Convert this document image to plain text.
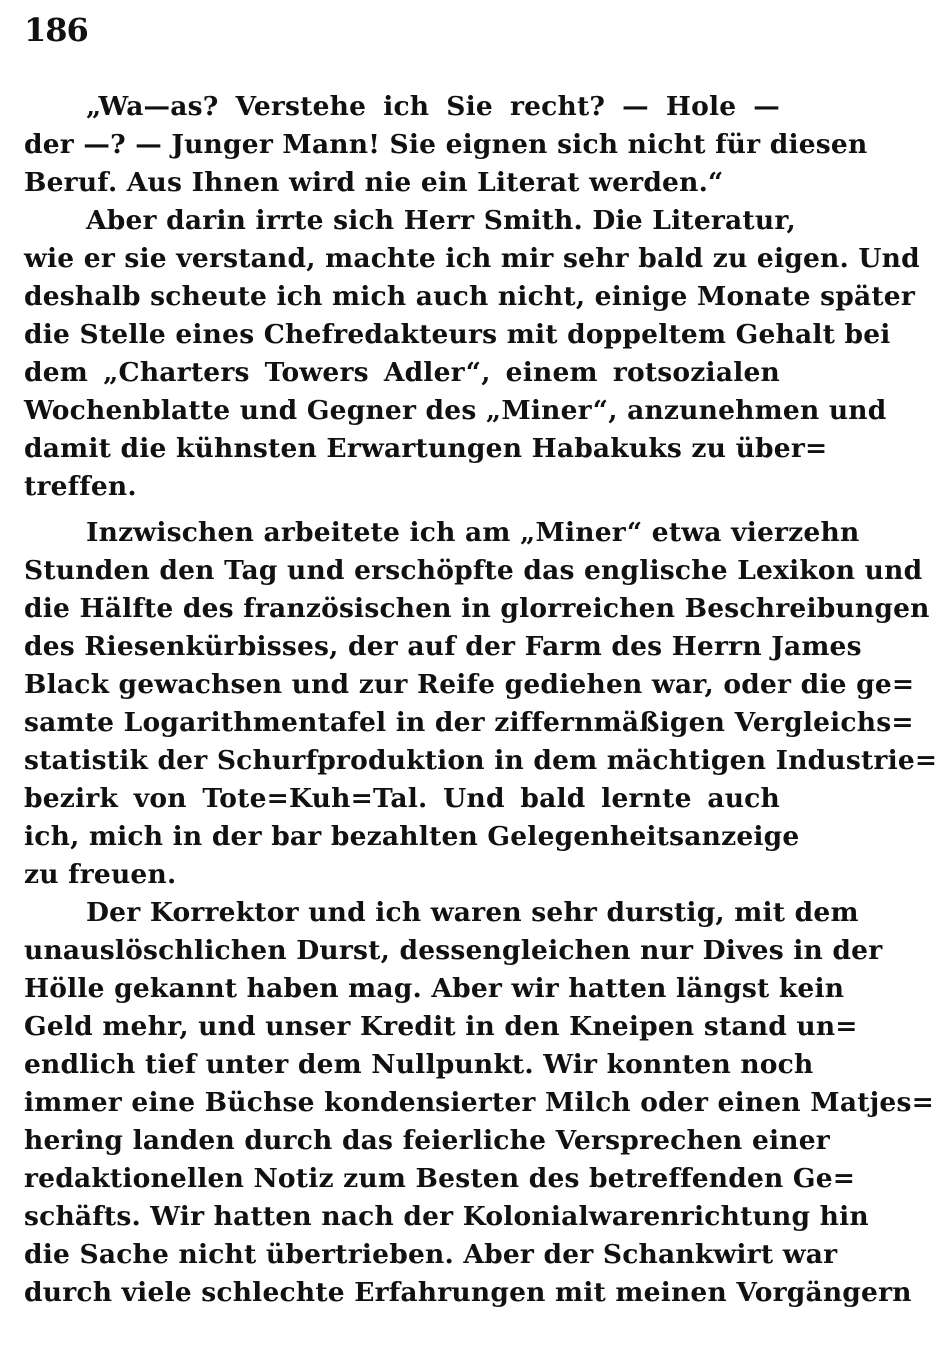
186
„Wa—as? Verstehe ich Sie recht? — Hole —
der —? — Junger Mann! Sie eignen sich nicht für diesen
Beruf. Aus Ihnen wird nie ein Literat werden.“
Aber darin irrte sich Herr Smith. Die Literatur,
wie er sie verstand, machte ich mir sehr bald zu eigen. Und
deshalb scheute ich mich auch nicht, einige Monate später
die Stelle eines Chefredakteurs mit doppeltem Gehalt bei
dem „Charters Towers Adler“, einem rotsozialen
Wochenblatte und Gegner des „Miner“, anzunehmen und
damit die kühnsten Erwartungen Habakuks zu über=
treffen.
Inzwischen arbeitete ich am „Miner“ etwa vierzehn
Stunden den Tag und erschöpfte das englische Lexikon und
die Hälfte des französischen in glorreichen Beschreibungen
des Riesenkürbisses, der auf der Farm des Herrn James
Black gewachsen und zur Reife gediehen war, oder die ge=
samte Logarithmentafel in der ziffernmäßigen Vergleichs=
statistik der Schurfproduktion in dem mächtigen Industrie=
bezirk von Tote=Kuh=Tal. Und bald lernte auch
ich, mich in der bar bezahlten Gelegenheitsanzeige
zu freuen.
Der Korrektor und ich waren sehr durstig, mit dem
unauslöschlichen Durst, dessengleichen nur Dives in der
Hölle gekannt haben mag. Aber wir hatten längst kein
Geld mehr, und unser Kredit in den Kneipen stand un=
endlich tief unter dem Nullpunkt. Wir konnten noch
immer eine Büchse kondensierter Milch oder einen Matjes=
hering landen durch das feierliche Versprechen einer
redaktionellen Notiz zum Besten des betreffenden Ge=
schäfts. Wir hatten nach der Kolonialwarenrichtung hin
die Sache nicht übertrieben. Aber der Schankwirt war
durch viele schlechte Erfahrungen mit meinen Vorgängern
